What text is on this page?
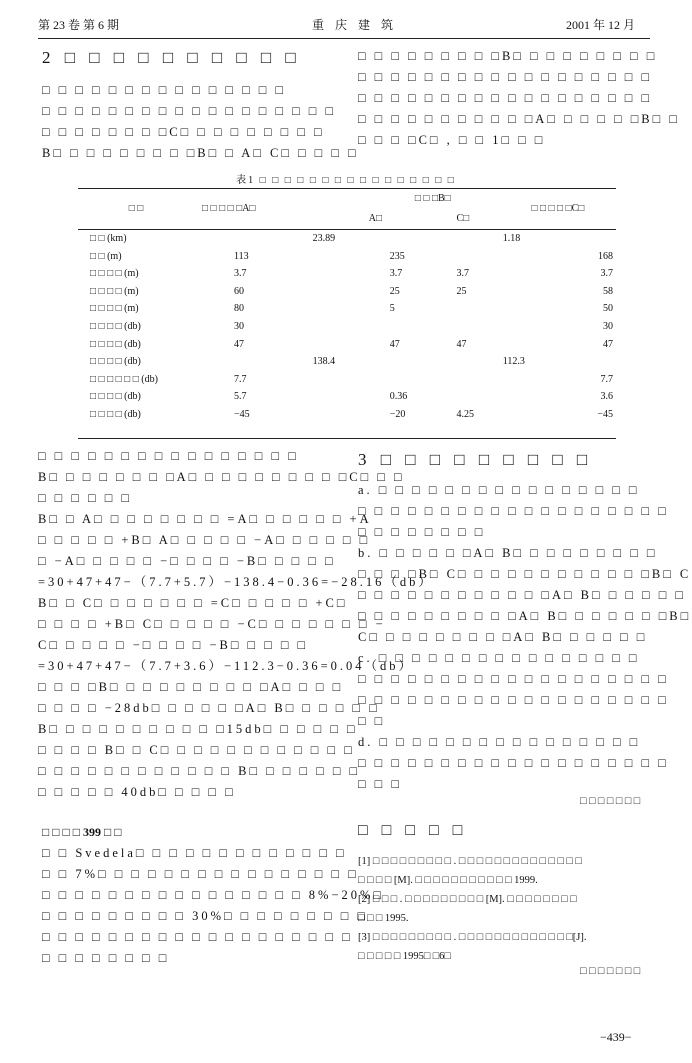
第 23 卷 第 6 期	重 庆 建 筑	2001 年 12 月
2 □ □ □ □ □ □ □ □ □ □
□ □ □ □ □ □ □ □ □ □ □ □ □ □ □
□ □ □ □ □ □ □ □ □ □ □ □ □ □ □ □ □ □
□ □ □ □ □ □ □ □C□ □ □ □ □ □ □ □ □
B□ □ □ □ □ □ □ □ □B□ □ A□ C□ □ □ □ □
□ □ □ □ □ □ □ □ □B□ □ □ □ □ □ □ □ □
□ □ □ □ □ □ □ □ □ □ □ □ □ □ □ □ □ □
□ □ □ □ □ □ □ □ □ □ □ □ □ □ □ □ □ □
□ □ □ □ □ □ □ □ □ □ □A□ □ □ □ □ □B□ □
□ □ □ □C□ , □ □ 1□ □ □
表1 □ □ □ □ □ □ □ □ □ □ □ □ □ □ □ □
□ □	□ □ □ □ □A□		□ □ □B□		□ □ □ □ □C□	
			A□	C□		
□ □ (km)		23.89			1.18	
□ □ (m)	113		235			168
□ □ □ □ (m)	3.7		3.7	3.7		3.7
□ □ □ □ (m)	60		25	25		58
□ □ □ □ (m)	80		5			50
□ □ □ □ (db)	30					30
□ □ □ □ (db)	47		47	47		47
□ □ □ □ (db)		138.4			112.3	
□ □ □ □ □ □ (db)	7.7					7.7
□ □ □ □ (db)	5.7		0.36			3.6
□ □ □ □ (db)	−45		−20	4.25		−45
□ □ □ □ □ □ □ □ □ □ □ □ □ □ □ □
B□ □ □ □ □ □ □ □A□ □ □ □ □ □ □ □ □ □C□ □ □
□ □ □ □ □ □
B□ □ A□ □ □ □ □ □ □ □ =A□ □ □ □ □ □ +A
□ □ □ □ □ +B□ A□ □ □ □ □ −A□ □ □ □ □ □
□ −A□ □ □ □ □ −□ □ □ □ −B□ □ □ □ □
=30+47+47−（7.7+5.7）−138.4−0.36=−28.16（db）
B□ □ C□ □ □ □ □ □ □ =C□ □ □ □ □ +C□
□ □ □ □ +B□ C□ □ □ □ □ −C□ □ □ □ □ □ □ −
C□ □ □ □ □ −□ □ □ □ −B□ □ □ □ □
=30+47+47−（7.7+3.6）−112.3−0.36=0.04（db）
□ □ □ □B□ □ □ □ □ □ □ □ □ □A□ □ □ □
□ □ □ □ −28db□ □ □ □ □ □A□ B□ □ □ □ □ □
B□ □ □ □ □ □ □ □ □ □ □15db□ □ □ □ □ □
□ □ □ □ B□ □ C□ □ □ □ □ □ □ □ □ □ □ □
□ □ □ □ □ □ □ □ □ □ □ □ B□ □ □ □ □ □ □
□ □ □ □ □ 40db□ □ □ □ □
3 □ □ □ □ □ □ □ □ □
a. □ □ □ □ □ □ □ □ □ □ □ □ □ □ □ □
□ □ □ □ □ □ □ □ □ □ □ □ □ □ □ □ □ □ □
□ □ □ □ □ □ □ □
b. □ □ □ □ □ □A□ B□ □ □ □ □ □ □ □ □
□ □ □ □B□ C□ □ □ □ □ □ □ □ □ □ □ □B□ C
□ □ □ □ □ □ □ □ □ □ □ □A□ B□ □ □ □ □ □
□ □ □ □ □ □ □ □ □ □A□ B□ □ □ □ □ □ □B□
C□ □ □ □ □ □ □ □ □A□ B□ □ □ □ □ □
c. □ □ □ □ □ □ □ □ □ □ □ □ □ □ □ □
□ □ □ □ □ □ □ □ □ □ □ □ □ □ □ □ □ □ □
□ □ □ □ □ □ □ □ □ □ □ □ □ □ □ □ □ □ □
□ □
d. □ □ □ □ □ □ □ □ □ □ □ □ □ □ □ □
□ □ □ □ □ □ □ □ □ □ □ □ □ □ □ □ □ □ □
□ □ □
□ □ □ □ □ □ □
□ □ □ □ 399 □ □
□ □ Svedela□ □ □ □ □ □ □ □ □ □ □ □ □
□ □ 7%□ □ □ □ □ □ □ □ □ □ □ □ □ □ □ □
□ □ □ □ □ □ □ □ □ □ □ □ □ □ □ □ 8%−20%□
□ □ □ □ □ □ □ □ □ 30%□ □ □ □ □ □ □ □ □
□ □ □ □ □ □ □ □ □ □ □ □ □ □ □ □ □ □ □
□ □ □ □ □ □ □ □
□ □ □ □ □
[1] □ □ □ □ □ □ □ □ □ . □ □ □ □ □ □ □ □ □ □ □ □ □ □
□ □ □ □ [M]. □ □ □ □ □ □ □ □ □ □ □ 1999.
[2] □ □ □ . □ □ □ □ □ □ □ □ □ [M]. □ □ □ □ □ □ □ □
□ □ □ 1995.
[3] □ □ □ □ □ □ □ □ □ . □ □ □ □ □ □ □ □ □ □ □ □ □[J].
□ □ □ □ □ 1995□ □6□
□ □ □ □ □ □ □
−439−
